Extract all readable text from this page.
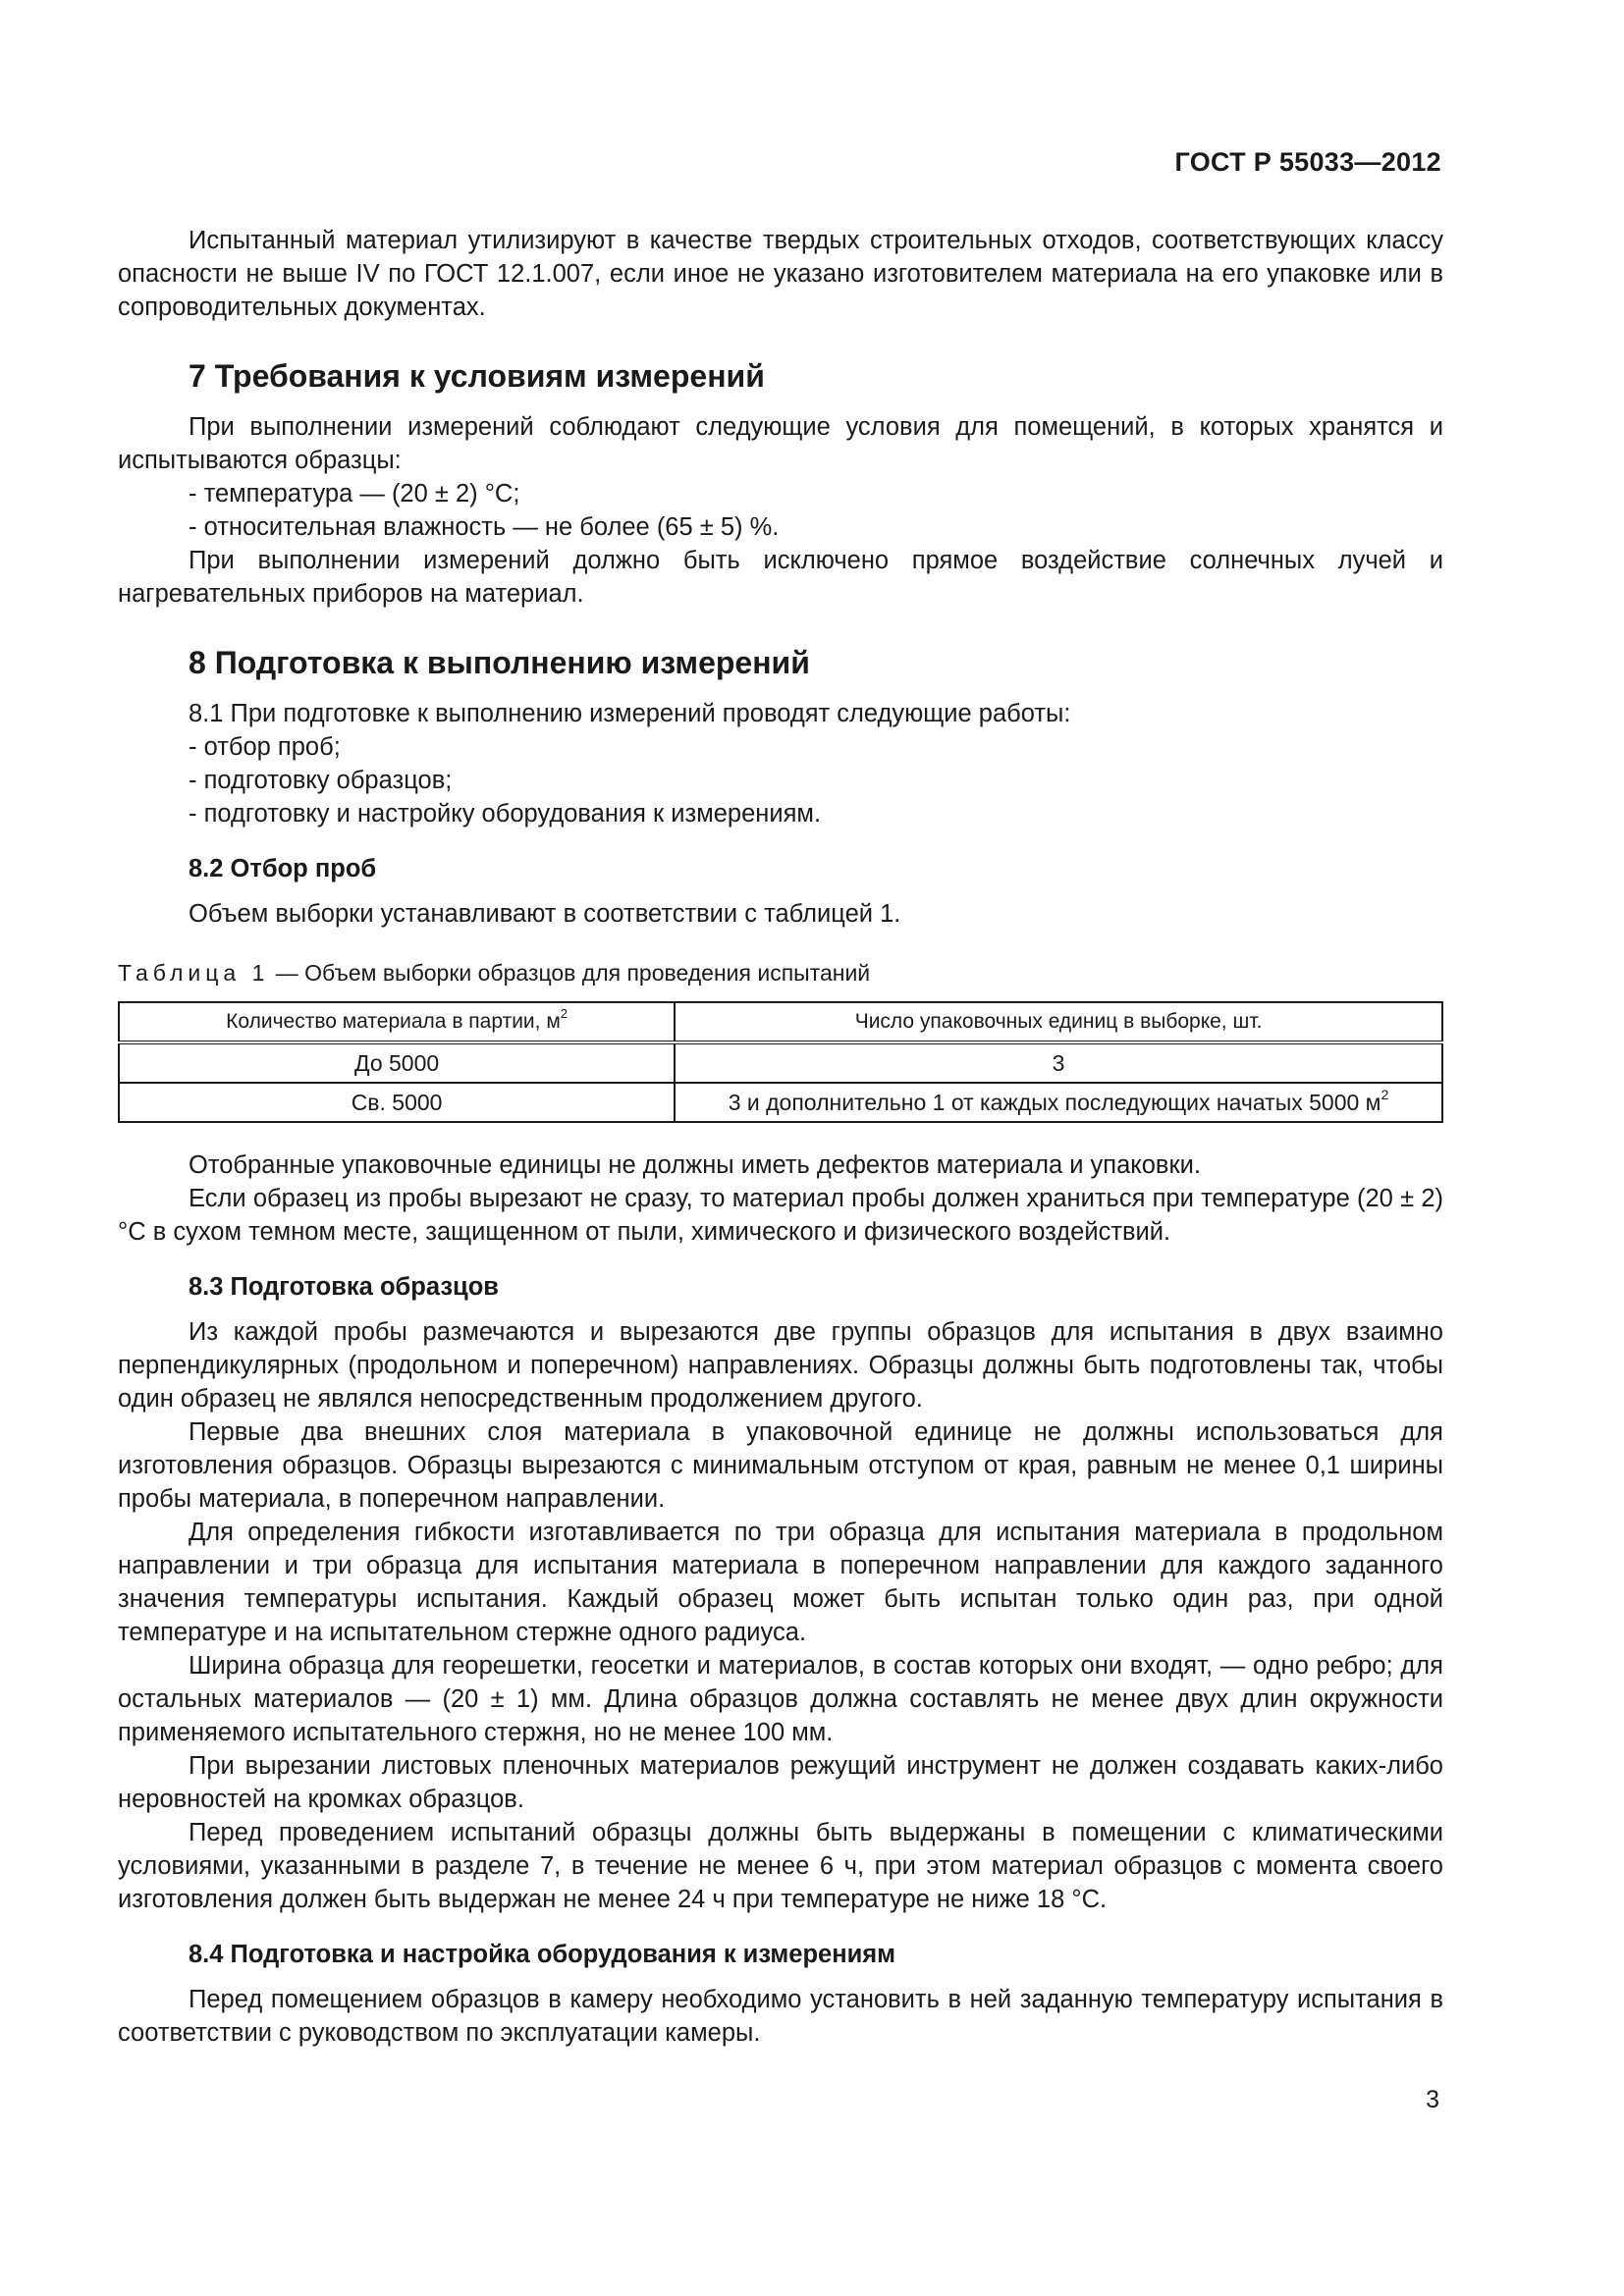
ГОСТ Р 55033—2012

Испытанный материал утилизируют в качестве твердых строительных отходов, соответствующих классу опасности не выше IV по ГОСТ 12.1.007, если иное не указано изготовителем материала на его упаковке или в сопроводительных документах.

7 Требования к условиям измерений

При выполнении измерений соблюдают следующие условия для помещений, в которых хранятся и испытываются образцы:

- температура — (20 ± 2) °С;
- относительная влажность — не более (65 ± 5) %.

При выполнении измерений должно быть исключено прямое воздействие солнечных лучей и нагревательных приборов на материал.

8 Подготовка к выполнению измерений
8.1 При подготовке к выполнению измерений проводят следующие работы:
- отбор проб;
- подготовку образцов;
- подготовку и настройку оборудования к измерениям.
8.2 Отбор проб

Объем выборки устанавливают в соответствии с таблицей 1.

Таблица 1 — Объем выборки образцов для проведения испытаний
Количество материала в партии, $м^2$	Число упаковочных единиц в выборке, шт.
До 5000	3
Св. 5000	3 и дополнительно 1 от каждых последующих начатых 5000 $м^2$

Отобранные упаковочные единицы не должны иметь дефектов материала и упаковки.

Если образец из пробы вырезают не сразу, то материал пробы должен храниться при температуре (20 ± 2) °С в сухом темном месте, защищенном от пыли, химического и физического воздействий.

8.3 Подготовка образцов

Из каждой пробы размечаются и вырезаются две группы образцов для испытания в двух взаимно перпендикулярных (продольном и поперечном) направлениях. Образцы должны быть подготовлены так, чтобы один образец не являлся непосредственным продолжением другого.

Первые два внешних слоя материала в упаковочной единице не должны использоваться для изготовления образцов. Образцы вырезаются с минимальным отступом от края, равным не менее 0,1 ширины пробы материала, в поперечном направлении.

Для определения гибкости изготавливается по три образца для испытания материала в продольном направлении и три образца для испытания материала в поперечном направлении для каждого заданного значения температуры испытания. Каждый образец может быть испытан только один раз, при одной температуре и на испытательном стержне одного радиуса.

Ширина образца для георешетки, геосетки и материалов, в состав которых они входят, — одно ребро; для остальных материалов — (20 ± 1) мм. Длина образцов должна составлять не менее двух длин окружности применяемого испытательного стержня, но не менее 100 мм.

При вырезании листовых пленочных материалов режущий инструмент не должен создавать каких-либо неровностей на кромках образцов.

Перед проведением испытаний образцы должны быть выдержаны в помещении с климатическими условиями, указанными в разделе 7, в течение не менее 6 ч, при этом материал образцов с момента своего изготовления должен быть выдержан не менее 24 ч при температуре не ниже 18 °С.

8.4 Подготовка и настройка оборудования к измерениям

Перед помещением образцов в камеру необходимо установить в ней заданную температуру испытания в соответствии с руководством по эксплуатации камеры.

3
